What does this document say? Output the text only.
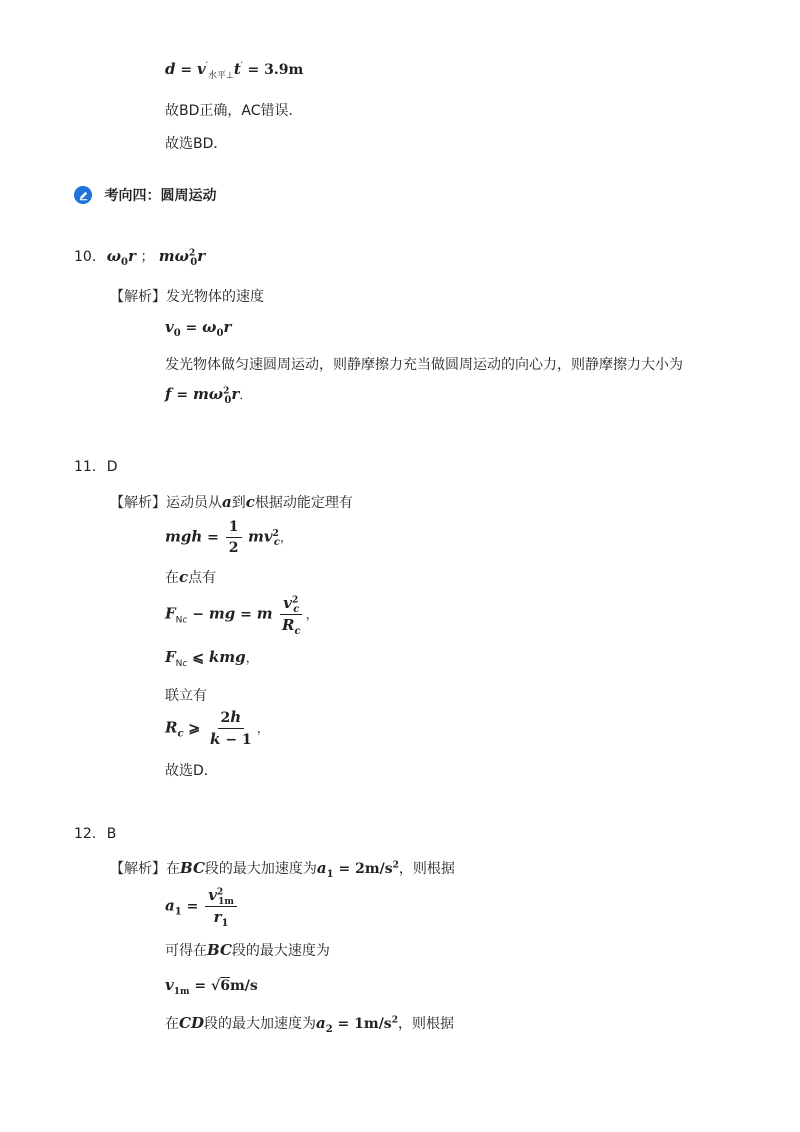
$d = v'_{水平\perp}t' = 3.9m$
故BD正确，AC错误．
故选BD．
考向四：圆周运动
10. $\omega_0r$ ； $m\omega^2_0r$
【解析】发光物体的速度
$v_0 = \omega_0r$
发光物体做匀速圆周运动，则静摩擦力充当做圆周运动的向心力，则静摩擦力大小为
$f = m\omega^2_0r$．
11. D
【解析】运动员从a到c根据动能定理有
mgh = $\frac{1}{2} mv^2_c$，
在c点有
$F_{Nc}$ − mg = m $\frac{v^2_c}{R_c}$ ，
$F_{Nc}$ ⩽ kmg，
联立有
$R_c$ ⩾ $\frac{2h}{k - 1}$ ，
故选D．
12. B
【解析】在BC段的最大加速度为$a_1 = 2m/s^2$，则根据
$a_1 = \frac{v^2_{1m}}{r_1}$
可得在BC段的最大速度为
$v_{1m} = √6m/s$
在CD段的最大加速度为$a_2 = 1m/s^2$，则根据
